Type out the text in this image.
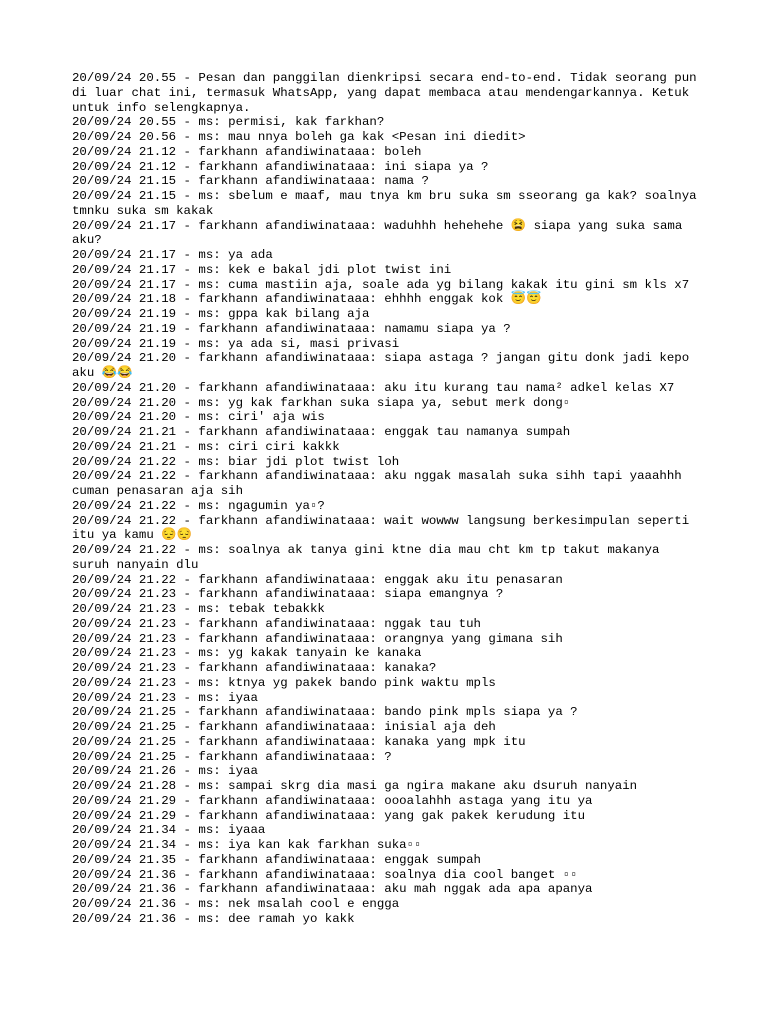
20/09/24 20.55 - Pesan dan panggilan dienkripsi secara end-to-end. Tidak seorang pun di luar chat ini, termasuk WhatsApp, yang dapat membaca atau mendengarkannya. Ketuk untuk info selengkapnya.
20/09/24 20.55 - ms: permisi, kak farkhan?
20/09/24 20.56 - ms: mau nnya boleh ga kak <Pesan ini diedit>
20/09/24 21.12 - farkhann afandiwinataaa: boleh
20/09/24 21.12 - farkhann afandiwinataaa: ini siapa ya ?
20/09/24 21.15 - farkhann afandiwinataaa: nama ?
20/09/24 21.15 - ms: sbelum e maaf, mau tnya km bru suka sm sseorang ga kak? soalnya tmnku suka sm kakak
20/09/24 21.17 - farkhann afandiwinataaa: waduhhh hehehehe 😫 siapa yang suka sama aku?
20/09/24 21.17 - ms: ya ada
20/09/24 21.17 - ms: kek e bakal jdi plot twist ini
20/09/24 21.17 - ms: cuma mastiin aja, soale ada yg bilang kakak itu gini sm kls x7
20/09/24 21.18 - farkhann afandiwinataaa: ehhhh enggak kok 😇😇
20/09/24 21.19 - ms: gppa kak bilang aja
20/09/24 21.19 - farkhann afandiwinataaa: namamu siapa ya ?
20/09/24 21.19 - ms: ya ada si, masi privasi
20/09/24 21.20 - farkhann afandiwinataaa: siapa astaga ? jangan gitu donk jadi kepo aku 😂😂
20/09/24 21.20 - farkhann afandiwinataaa: aku itu kurang tau nama² adkel kelas X7
20/09/24 21.20 - ms: yg kak farkhan suka siapa ya, sebut merk dong▫
20/09/24 21.20 - ms: ciri' aja wis
20/09/24 21.21 - farkhann afandiwinataaa: enggak tau namanya sumpah
20/09/24 21.21 - ms: ciri ciri kakkk
20/09/24 21.22 - ms: biar jdi plot twist loh
20/09/24 21.22 - farkhann afandiwinataaa: aku nggak masalah suka sihh tapi yaaahhh cuman penasaran aja sih
20/09/24 21.22 - ms: ngagumin ya▫?
20/09/24 21.22 - farkhann afandiwinataaa: wait wowww langsung berkesimpulan seperti itu ya kamu 😔😔
20/09/24 21.22 - ms: soalnya ak tanya gini ktne dia mau cht km tp takut makanya suruh nanyain dlu
20/09/24 21.22 - farkhann afandiwinataaa: enggak aku itu penasaran
20/09/24 21.23 - farkhann afandiwinataaa: siapa emangnya ?
20/09/24 21.23 - ms: tebak tebakkk
20/09/24 21.23 - farkhann afandiwinataaa: nggak tau tuh
20/09/24 21.23 - farkhann afandiwinataaa: orangnya yang gimana sih
20/09/24 21.23 - ms: yg kakak tanyain ke kanaka
20/09/24 21.23 - farkhann afandiwinataaa: kanaka?
20/09/24 21.23 - ms: ktnya yg pakek bando pink waktu mpls
20/09/24 21.23 - ms: iyaa
20/09/24 21.25 - farkhann afandiwinataaa: bando pink mpls siapa ya ?
20/09/24 21.25 - farkhann afandiwinataaa: inisial aja deh
20/09/24 21.25 - farkhann afandiwinataaa: kanaka yang mpk itu
20/09/24 21.25 - farkhann afandiwinataaa: ?
20/09/24 21.26 - ms: iyaa
20/09/24 21.28 - ms: sampai skrg dia masi ga ngira makane aku dsuruh nanyain
20/09/24 21.29 - farkhann afandiwinataaa: oooalahhh astaga yang itu ya
20/09/24 21.29 - farkhann afandiwinataaa: yang gak pakek kerudung itu
20/09/24 21.34 - ms: iyaaa
20/09/24 21.34 - ms: iya kan kak farkhan suka▫▫
20/09/24 21.35 - farkhann afandiwinataaa: enggak sumpah
20/09/24 21.36 - farkhann afandiwinataaa: soalnya dia cool banget ▫▫
20/09/24 21.36 - farkhann afandiwinataaa: aku mah nggak ada apa apanya
20/09/24 21.36 - ms: nek msalah cool e engga
20/09/24 21.36 - ms: dee ramah yo kakk
